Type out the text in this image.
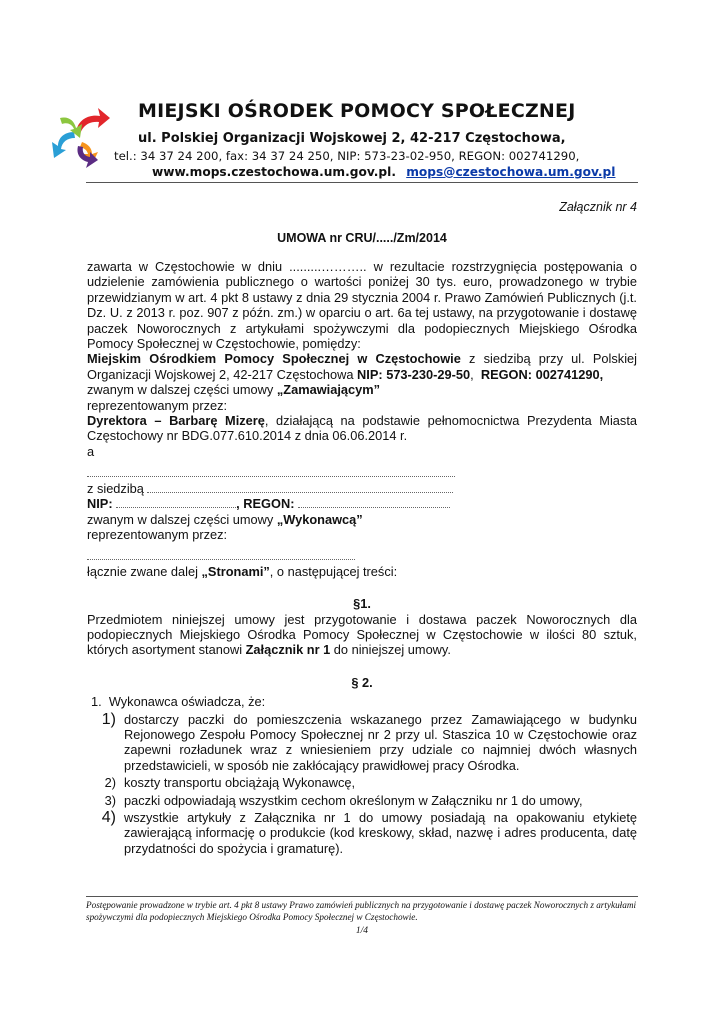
MIEJSKI OŚRODEK POMOCY SPOŁECZNEJ
ul. Polskiej Organizacji Wojskowej 2, 42-217 Częstochowa,
tel.: 34 37 24 200, fax: 34 37 24 250, NIP: 573-23-02-950, REGON: 002741290,
www.mops.czestochowa.um.gov.pl. mops@czestochowa.um.gov.pl
Załącznik nr 4
UMOWA nr CRU/...../Zm/2014

zawarta w Częstochowie w dniu .........……….. w rezultacie rozstrzygnięcia postępowania o udzielenie zamówienia publicznego o wartości poniżej 30 tys. euro, prowadzonego w trybie przewidzianym w art. 4 pkt 8 ustawy z dnia 29 stycznia 2004 r. Prawo Zamówień Publicznych (j.t. Dz. U. z 2013 r. poz. 907 z późn. zm.) w oparciu o art. 6a tej ustawy, na przygotowanie i dostawę paczek Noworocznych z artykułami spożywczymi dla podopiecznych Miejskiego Ośrodka Pomocy Społecznej w Częstochowie, pomiędzy:

Miejskim Ośrodkiem Pomocy Społecznej w Częstochowie z siedzibą przy ul. Polskiej Organizacji Wojskowej 2, 42-217 Częstochowa NIP: 573-230-29-50,  REGON: 002741290,

zwanym w dalszej części umowy „Zamawiającym”

reprezentowanym przez:

Dyrektora – Barbarę Mizerę, działającą na podstawie pełnomocnictwa Prezydenta Miasta Częstochowy nr BDG.077.610.2014 z dnia 06.06.2014 r.

a

z siedzibą

NIP:	, REGON:

zwanym w dalszej części umowy „Wykonawcą”

reprezentowanym przez:

łącznie zwane dalej „Stronami”, o następującej treści:

§1.

Przedmiotem niniejszej umowy jest przygotowanie i dostawa paczek Noworocznych dla podopiecznych Miejskiego Ośrodka Pomocy Społecznej w Częstochowie w ilości 80 sztuk, których asortyment stanowi Załącznik nr 1 do niniejszej umowy.

§ 2.

1. Wykonawca oświadcza, że:
1) dostarczy paczki do pomieszczenia wskazanego przez Zamawiającego w budynku Rejonowego Zespołu Pomocy Społecznej nr 2 przy ul. Staszica 10 w Częstochowie oraz zapewni rozładunek wraz z wniesieniem przy udziale co najmniej dwóch własnych przedstawicieli, w sposób nie zakłócający prawidłowej pracy Ośrodka.
2) koszty transportu obciążają Wykonawcę,
3) paczki odpowiadają wszystkim cechom określonym w Załączniku nr 1 do umowy,
4) wszystkie artykuły z Załącznika nr 1 do umowy posiadają na opakowaniu etykietę zawierającą informację o produkcie (kod kreskowy, skład, nazwę i adres producenta, datę przydatności do spożycia i gramaturę).
Postępowanie prowadzone w trybie art. 4 pkt 8 ustawy Prawo zamówień publicznych na przygotowanie i dostawę paczek Noworocznych z artykułami spożywczymi dla podopiecznych Miejskiego Ośrodka Pomocy Społecznej w Częstochowie.
1/4
